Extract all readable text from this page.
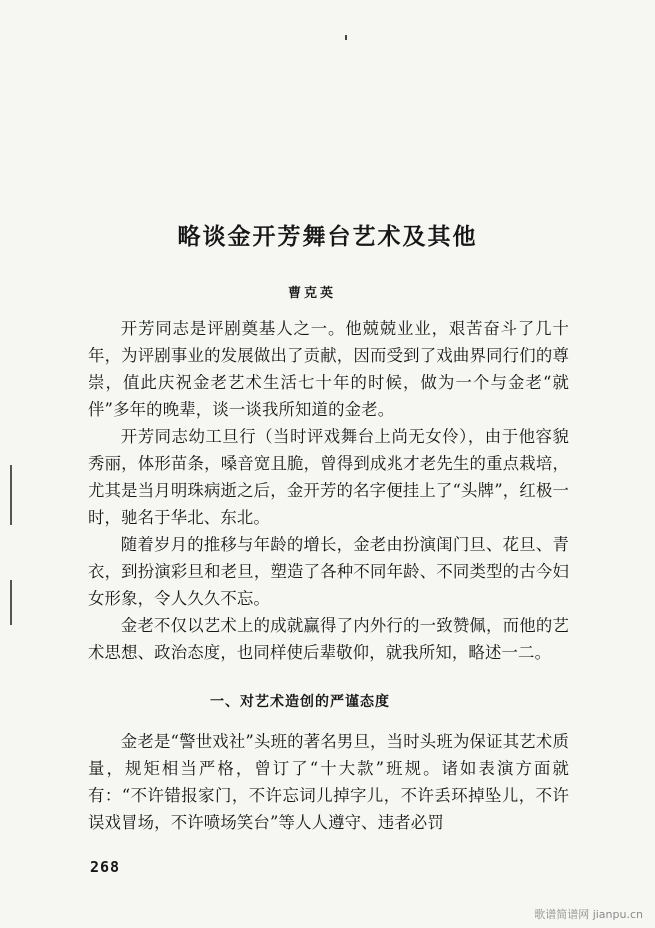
略谈金开芳舞台艺术及其他
曹克英

开芳同志是评剧奠基人之一。他兢兢业业，艰苦奋斗了几十年，为评剧事业的发展做出了贡献，因而受到了戏曲界同行们的尊崇，值此庆祝金老艺术生活七十年的时候，做为一个与金老“就伴”多年的晚辈，谈一谈我所知道的金老。

开芳同志幼工旦行（当时评戏舞台上尚无女伶），由于他容貌秀丽，体形苗条，嗓音宽且脆，曾得到成兆才老先生的重点栽培，尤其是当月明珠病逝之后，金开芳的名字便挂上了“头牌”，红极一时，驰名于华北、东北。

随着岁月的推移与年龄的增长，金老由扮演闺门旦、花旦、青衣，到扮演彩旦和老旦，塑造了各种不同年龄、不同类型的古今妇女形象，令人久久不忘。

金老不仅以艺术上的成就赢得了内外行的一致赞佩，而他的艺术思想、政治态度，也同样使后辈敬仰，就我所知，略述一二。

一、对艺术造创的严谨态度

金老是“警世戏社”头班的著名男旦，当时头班为保证其艺术质量，规矩相当严格，曾订了“十大款”班规。诸如表演方面就有：“不许错报家门，不许忘词儿掉字儿，不许丢环掉坠儿，不许误戏冒场，不许喷场笑台”等人人遵守、违者必罚

268
歌谱简谱网 jianpu.cn
